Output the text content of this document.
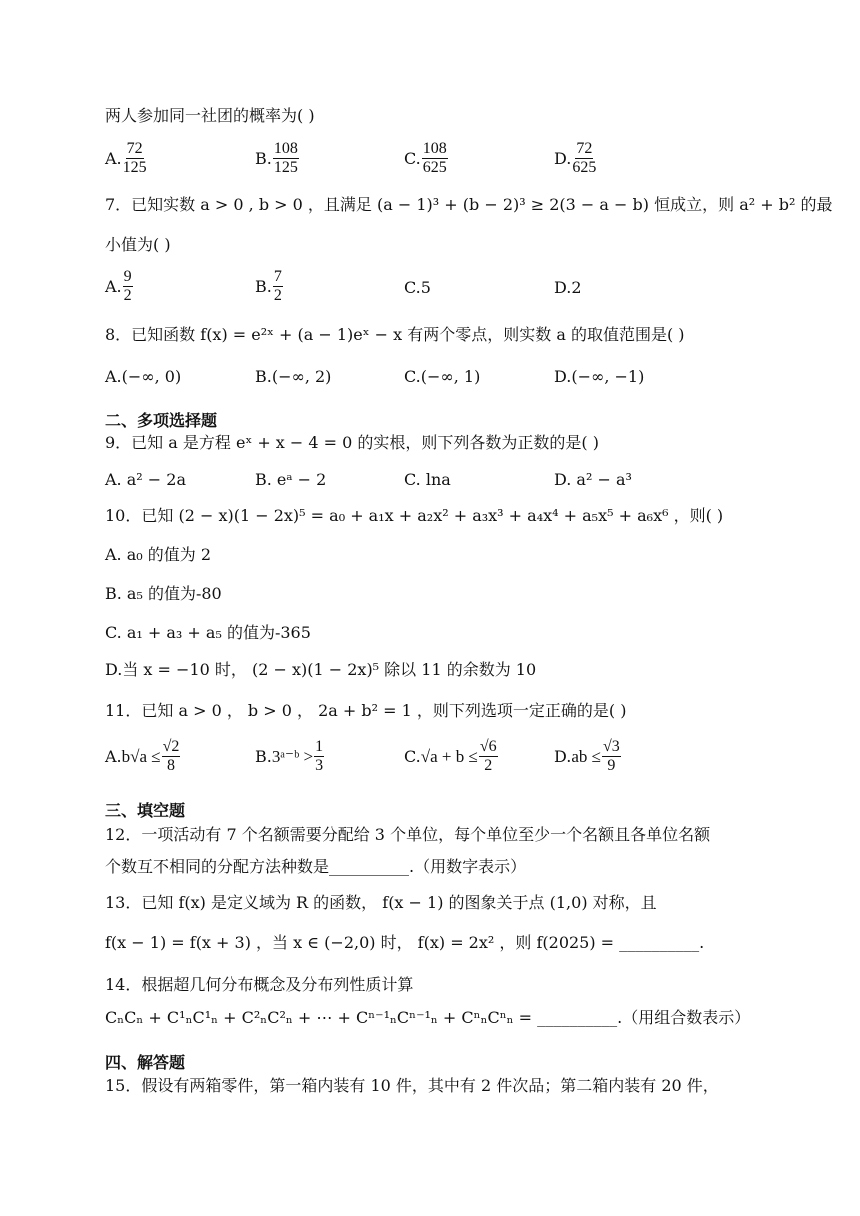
两人参加同一社团的概率为( )
A. $\frac{72}{125}$	B. $\frac{108}{125}$	C. $\frac{108}{625}$	D. $\frac{72}{625}$
7．已知实数 a > 0 , b > 0 ，且满足 (a − 1)³ + (b − 2)³ ≥ 2(3 − a − b) 恒成立，则 a² + b² 的最
小值为( )
A. $\frac{9}{2}$	B. $\frac{7}{2}$	C. 5	D. 2
8．已知函数 f(x) = e²ˣ + (a − 1)eˣ − x 有两个零点，则实数 a 的取值范围是( )
A.(−∞, 0)	B.(−∞, 2)	C.(−∞, 1)	D.(−∞, −1)
二、多项选择题
9．已知 a 是方程 eˣ + x − 4 = 0 的实根，则下列各数为正数的是( )
A. a² − 2a	B. eᵃ − 2	C. lna	D. a² − a³
10．已知 (2 − x)(1 − 2x)⁵ = a₀ + a₁x + a₂x² + a₃x³ + a₄x⁴ + a₅x⁵ + a₆x⁶ ，则( )
A. a₀ 的值为 2
B. a₅ 的值为-80
C. a₁ + a₃ + a₅ 的值为-365
D.当 x = −10 时， (2 − x)(1 − 2x)⁵ 除以 11 的余数为 10
11．已知 a > 0 ， b > 0 ， 2a + b² = 1 ，则下列选项一定正确的是( )
A. $b√a \le \frac{√2}{8}$	B. 3ᵃ⁻ᵇ > $\frac{1}{3}$	C. $√a + b \le \frac{√6}{2}$	D. ab ≤ $\frac{√3}{9}$
三、填空题
12．一项活动有 7 个名额需要分配给 3 个单位，每个单位至少一个名额且各单位名额
个数互不相同的分配方法种数是__________.（用数字表示）
13．已知 f(x) 是定义域为 R 的函数， f(x − 1) 的图象关于点 (1,0) 对称，且
f(x − 1) = f(x + 3) ，当 x ∈ (−2,0) 时， f(x) = 2x² ，则 f(2025) = __________.
14．根据超几何分布概念及分布列性质计算
CₙCₙ + C¹ₙC¹ₙ + C²ₙC²ₙ + ⋯ + Cⁿ⁻¹ₙCⁿ⁻¹ₙ + CⁿₙCⁿₙ = __________.（用组合数表示）
四、解答题
15．假设有两箱零件，第一箱内装有 10 件，其中有 2 件次品；第二箱内装有 20 件，
